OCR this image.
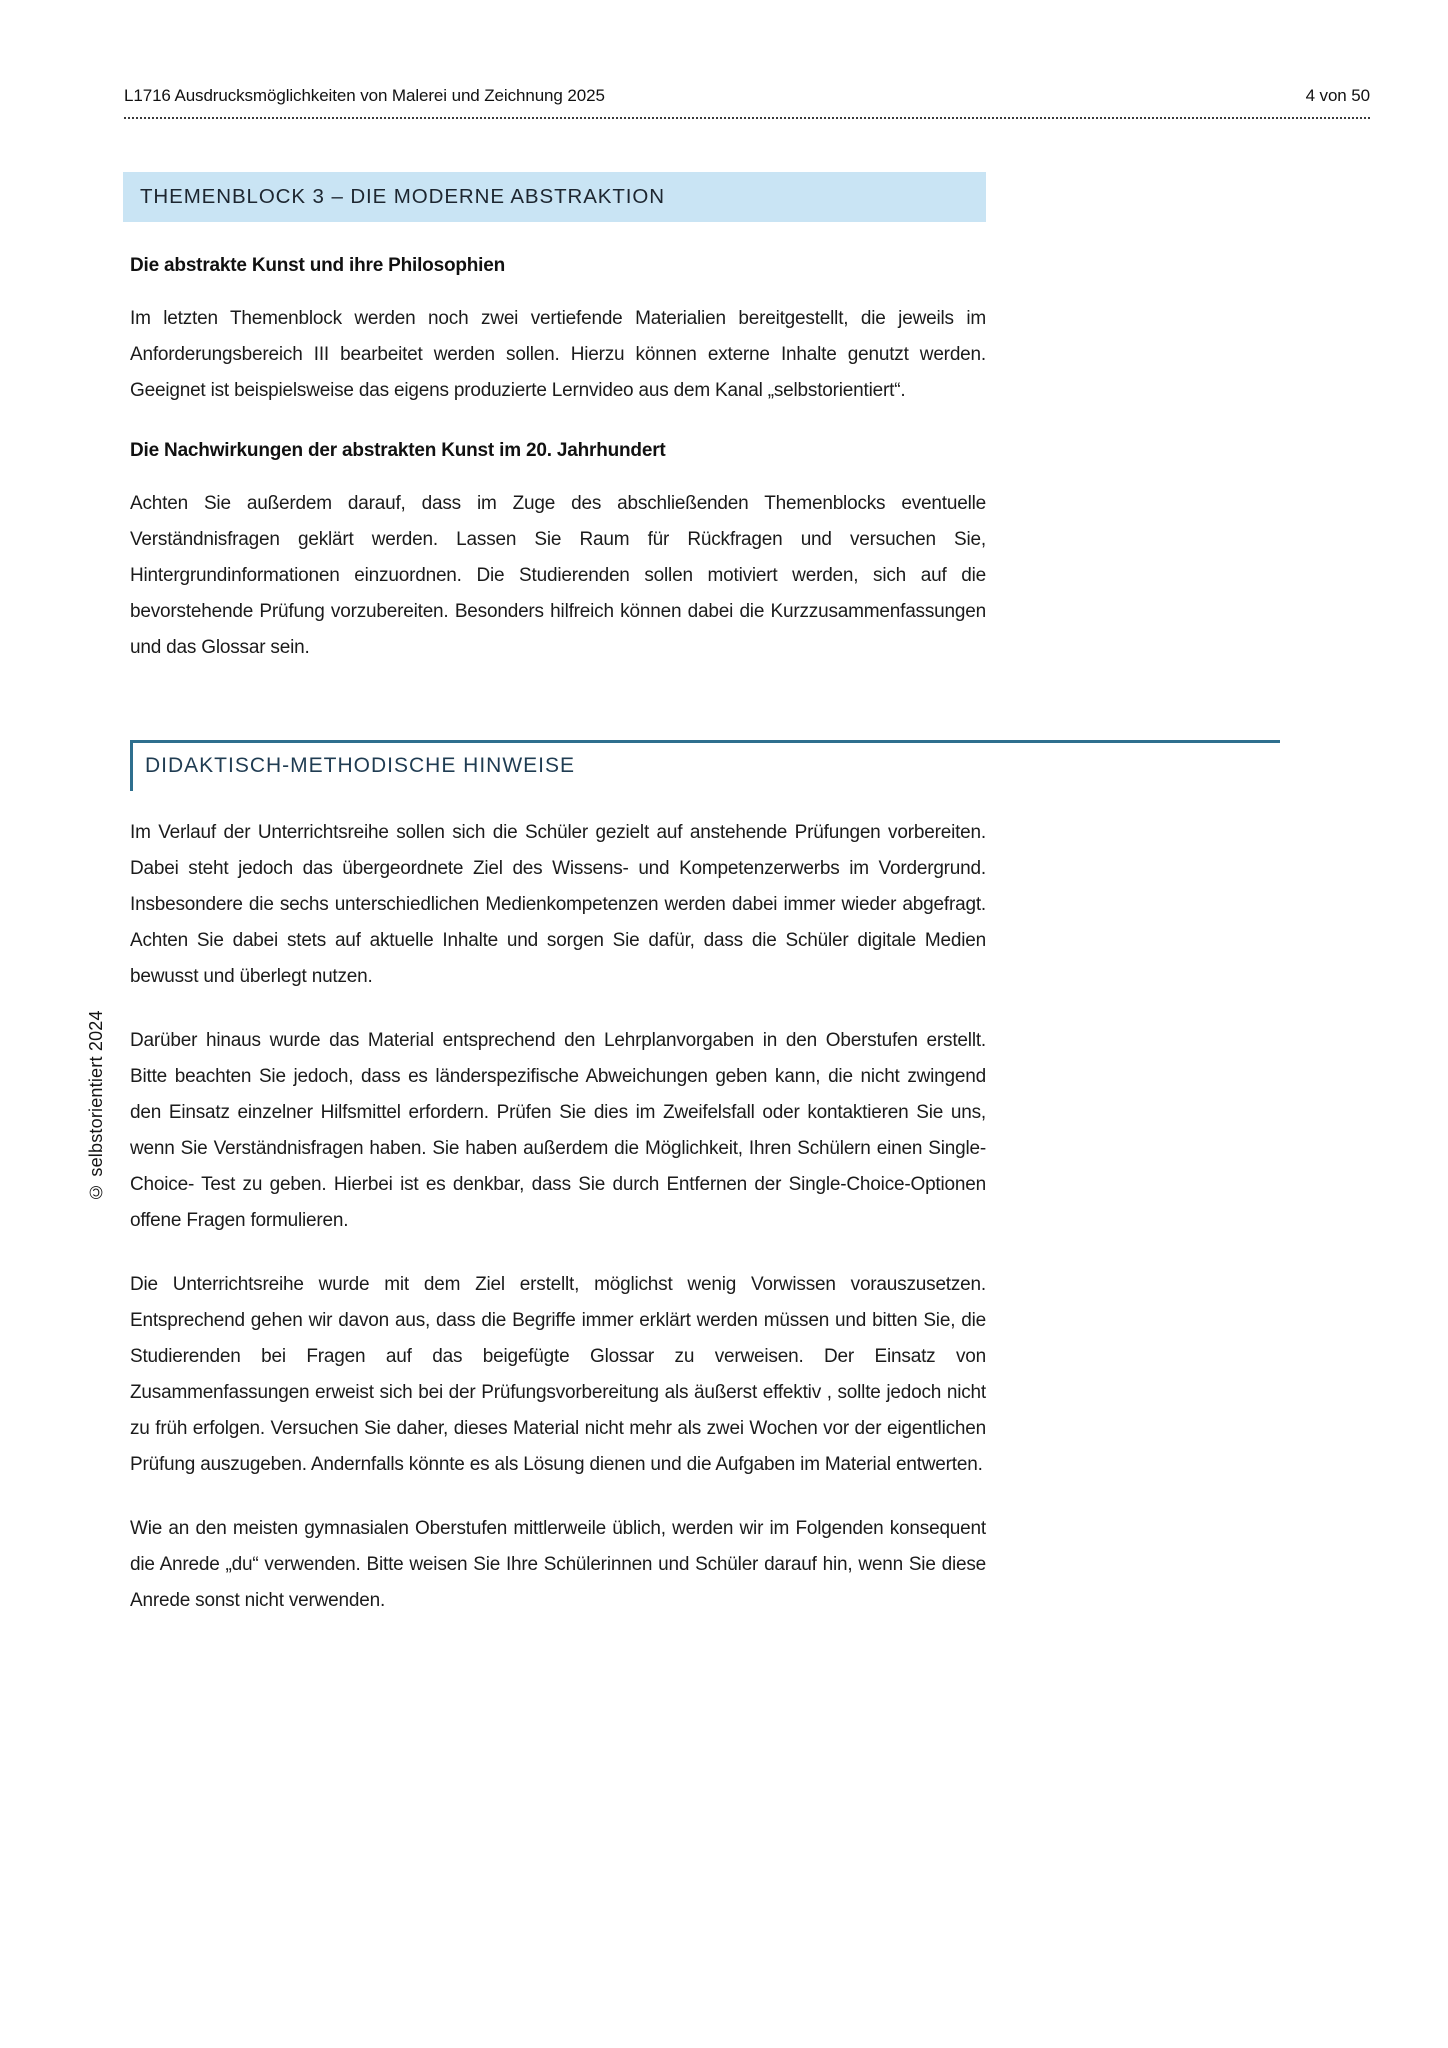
L1716 Ausdrucksmöglichkeiten von Malerei und Zeichnung 2025	4 von 50
© selbstorientiert 2024
THEMENBLOCK 3 – DIE MODERNE ABSTRAKTION
Die abstrakte Kunst und ihre Philosophien

Im letzten Themenblock werden noch zwei vertiefende Materialien bereitgestellt, die jeweils im Anforderungsbereich III bearbeitet werden sollen. Hierzu können externe Inhalte genutzt werden. Geeignet ist beispielsweise das eigens produzierte Lernvideo aus dem Kanal „selbstorientiert“.

Die Nachwirkungen der abstrakten Kunst im 20. Jahrhundert

Achten Sie außerdem darauf, dass im Zuge des abschließenden Themenblocks eventuelle Verständnisfragen geklärt werden. Lassen Sie Raum für Rückfragen und versuchen Sie, Hintergrundinformationen einzuordnen. Die Studierenden sollen motiviert werden, sich auf die bevorstehende Prüfung vorzubereiten. Besonders hilfreich können dabei die Kurzzusammenfassungen und das Glossar sein.

DIDAKTISCH-METHODISCHE HINWEISE

Im Verlauf der Unterrichtsreihe sollen sich die Schüler gezielt auf anstehende Prüfungen vorbereiten. Dabei steht jedoch das übergeordnete Ziel des Wissens- und Kompetenzerwerbs im Vordergrund. Insbesondere die sechs unterschiedlichen Medienkompetenzen werden dabei immer wieder abgefragt. Achten Sie dabei stets auf aktuelle Inhalte und sorgen Sie dafür, dass die Schüler digitale Medien bewusst und überlegt nutzen.

Darüber hinaus wurde das Material entsprechend den Lehrplanvorgaben in den Oberstufen erstellt. Bitte beachten Sie jedoch, dass es länderspezifische Abweichungen geben kann, die nicht zwingend den Einsatz einzelner Hilfsmittel erfordern. Prüfen Sie dies im Zweifelsfall oder kontaktieren Sie uns, wenn Sie Verständnisfragen haben. Sie haben außerdem die Möglichkeit, Ihren Schülern einen Single-Choice- Test zu geben. Hierbei ist es denkbar, dass Sie durch Entfernen der Single-Choice-Optionen offene Fragen formulieren.

Die Unterrichtsreihe wurde mit dem Ziel erstellt, möglichst wenig Vorwissen vorauszusetzen. Entsprechend gehen wir davon aus, dass die Begriffe immer erklärt werden müssen und bitten Sie, die Studierenden bei Fragen auf das beigefügte Glossar zu verweisen. Der Einsatz von Zusammenfassungen erweist sich bei der Prüfungsvorbereitung als äußerst effektiv , sollte jedoch nicht zu früh erfolgen. Versuchen Sie daher, dieses Material nicht mehr als zwei Wochen vor der eigentlichen Prüfung auszugeben. Andernfalls könnte es als Lösung dienen und die Aufgaben im Material entwerten.

Wie an den meisten gymnasialen Oberstufen mittlerweile üblich, werden wir im Folgenden konsequent die Anrede „du“ verwenden. Bitte weisen Sie Ihre Schülerinnen und Schüler darauf hin, wenn Sie diese Anrede sonst nicht verwenden.
